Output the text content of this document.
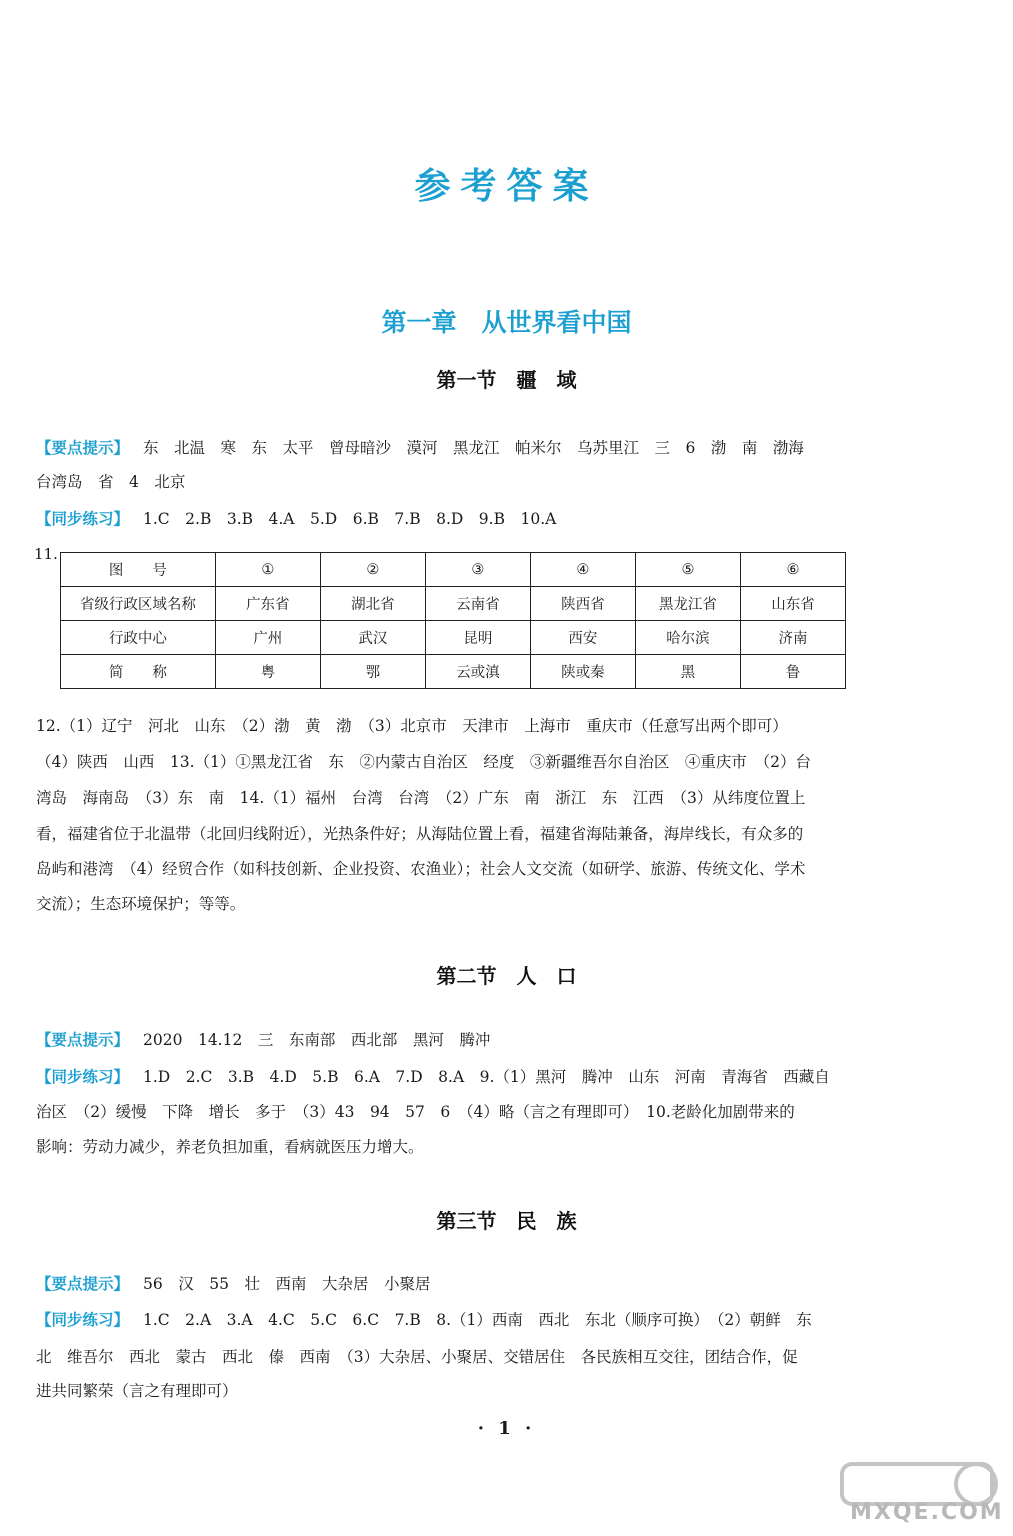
参考答案
第一章　从世界看中国
第一节　疆　域
【要点提示】 东　北温　寒　东　太平　曾母暗沙　漠河　黑龙江　帕米尔　乌苏里江　三　6　渤　南　渤海
台湾岛　省　4　北京
【同步练习】 1.C　2.B　3.B　4.A　5.D　6.B　7.B　8.D　9.B　10.A
11.
图　　号	①	②	③	④	⑤	⑥
省级行政区域名称	广东省	湖北省	云南省	陕西省	黑龙江省	山东省
行政中心	广州	武汉	昆明	西安	哈尔滨	济南
简　　称	粤	鄂	云或滇	陕或秦	黑	鲁
12.（1）辽宁　河北　山东　（2）渤　黄　渤　（3）北京市　天津市　上海市　重庆市（任意写出两个即可）
（4）陕西　山西　13.（1）①黑龙江省　东　②内蒙古自治区　经度　③新疆维吾尔自治区　④重庆市　（2）台
湾岛　海南岛　（3）东　南　14.（1）福州　台湾　台湾　（2）广东　南　浙江　东　江西　（3）从纬度位置上
看，福建省位于北温带（北回归线附近），光热条件好；从海陆位置上看，福建省海陆兼备，海岸线长，有众多的
岛屿和港湾　（4）经贸合作（如科技创新、企业投资、农渔业）；社会人文交流（如研学、旅游、传统文化、学术
交流）；生态环境保护；等等。
第二节　人　口
【要点提示】 2020　14.12　三　东南部　西北部　黑河　腾冲
【同步练习】 1.D　2.C　3.B　4.D　5.B　6.A　7.D　8.A　9.（1）黑河　腾冲　山东　河南　青海省　西藏自
治区　（2）缓慢　下降　增长　多于　（3）43　94　57　6　（4）略（言之有理即可）　10.老龄化加剧带来的
影响：劳动力减少，养老负担加重，看病就医压力增大。
第三节　民　族
【要点提示】 56　汉　55　壮　西南　大杂居　小聚居
【同步练习】 1.C　2.A　3.A　4.C　5.C　6.C　7.B　8.（1）西南　西北　东北（顺序可换）　（2）朝鲜　东
北　维吾尔　西北　蒙古　西北　傣　西南　（3）大杂居、小聚居、交错居住　各民族相互交往，团结合作，促
进共同繁荣（言之有理即可）
· 1 ·
MXQE.COM
